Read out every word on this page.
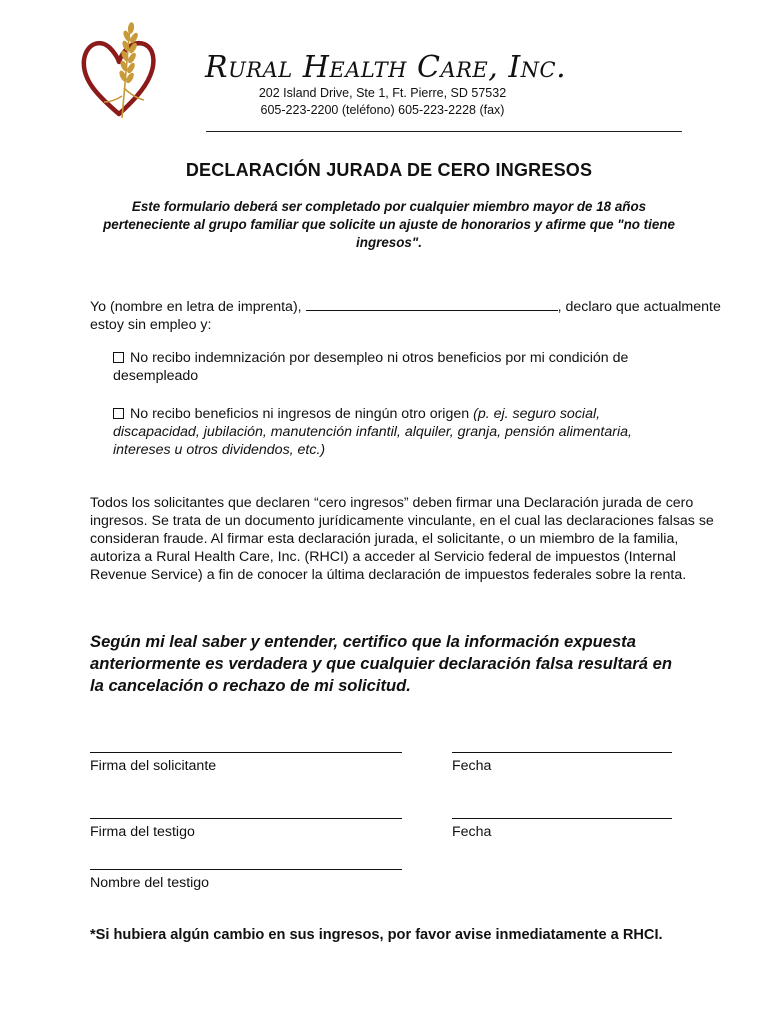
Rural Health Care, Inc.
202 Island Drive, Ste 1, Ft. Pierre, SD 57532
605-223-2200 (teléfono) 605-223-2228 (fax)
DECLARACIÓN JURADA DE CERO INGRESOS
Este formulario deberá ser completado por cualquier miembro mayor de 18 años perteneciente al grupo familiar que solicite un ajuste de honorarios y afirme que "no tiene ingresos".
Yo (nombre en letra de imprenta),	, declaro que actualmente estoy sin empleo y:
No recibo indemnización por desempleo ni otros beneficios por mi condición de desempleado
No recibo beneficios ni ingresos de ningún otro origen (p. ej. seguro social, discapacidad, jubilación, manutención infantil, alquiler, granja, pensión alimentaria, intereses u otros dividendos, etc.)
Todos los solicitantes que declaren “cero ingresos” deben firmar una Declaración jurada de cero ingresos. Se trata de un documento jurídicamente vinculante, en el cual las declaraciones falsas se consideran fraude. Al firmar esta declaración jurada, el solicitante, o un miembro de la familia, autoriza a Rural Health Care, Inc. (RHCI) a acceder al Servicio federal de impuestos (Internal Revenue Service) a fin de conocer la última declaración de impuestos federales sobre la renta.
Según mi leal saber y entender, certifico que la información expuesta anteriormente es verdadera y que cualquier declaración falsa resultará en la cancelación o rechazo de mi solicitud.
Firma del solicitante	Fecha
Firma del testigo	Fecha
Nombre del testigo
*Si hubiera algún cambio en sus ingresos, por favor avise inmediatamente a RHCI.
